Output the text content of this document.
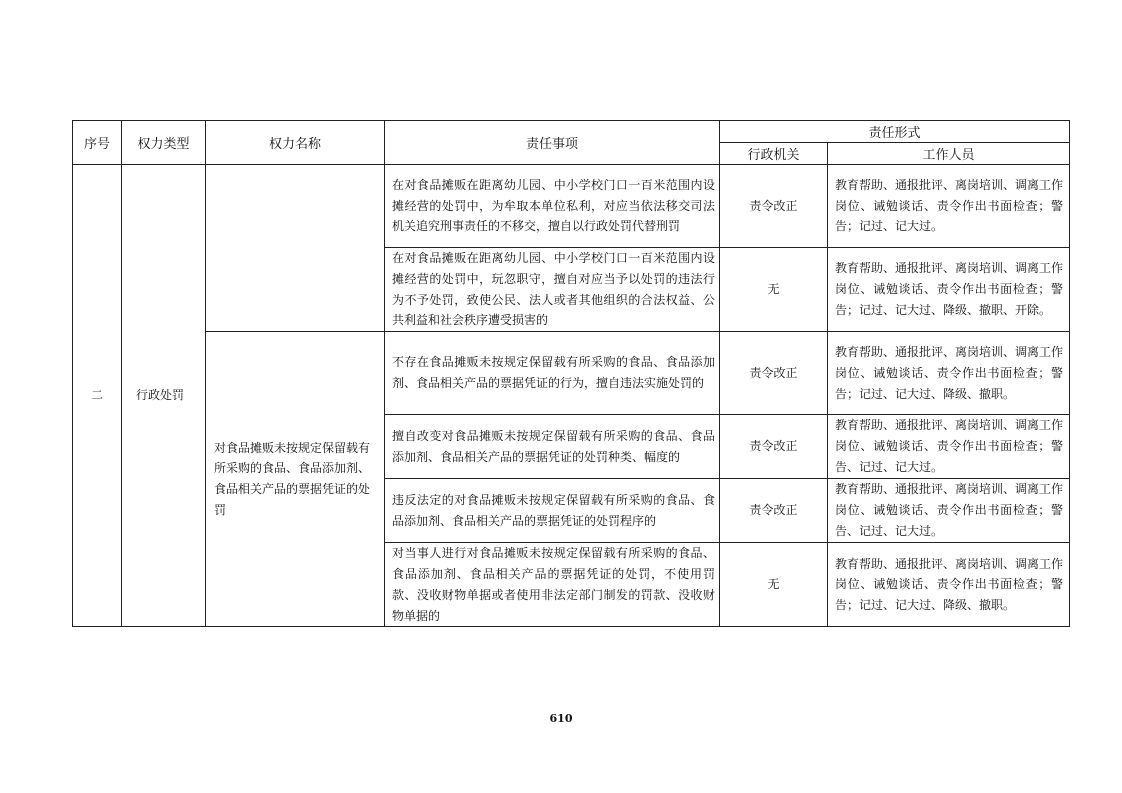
序号	权力类型	权力名称	责任事项	责任形式	
				行政机关	工作人员
二	行政处罚		在对食品摊贩在距离幼儿园、中小学校门口一百米范围内设摊经营的处罚中，为牟取本单位私利，对应当依法移交司法机关追究刑事责任的不移交，擅自以行政处罚代替刑罚	责令改正	教育帮助、通报批评、离岗培训、调离工作岗位、诫勉谈话、责令作出书面检查；警告；记过、记大过。
			在对食品摊贩在距离幼儿园、中小学校门口一百米范围内设摊经营的处罚中，玩忽职守，擅自对应当予以处罚的违法行为不予处罚，致使公民、法人或者其他组织的合法权益、公共利益和社会秩序遭受损害的	无	教育帮助、通报批评、离岗培训、调离工作岗位、诫勉谈话、责令作出书面检查；警告；记过、记大过、降级、撤职、开除。
		对食品摊贩未按规定保留载有所采购的食品、食品添加剂、食品相关产品的票据凭证的处罚	不存在食品摊贩未按规定保留载有所采购的食品、食品添加剂、食品相关产品的票据凭证的行为，擅自违法实施处罚的	责令改正	教育帮助、通报批评、离岗培训、调离工作岗位、诫勉谈话、责令作出书面检查；警告；记过、记大过、降级、撤职。
			擅自改变对食品摊贩未按规定保留载有所采购的食品、食品添加剂、食品相关产品的票据凭证的处罚种类、幅度的	责令改正	教育帮助、通报批评、离岗培训、调离工作岗位、诫勉谈话、责令作出书面检查；警告、记过、记大过。
			违反法定的对食品摊贩未按规定保留载有所采购的食品、食品添加剂、食品相关产品的票据凭证的处罚程序的	责令改正	教育帮助、通报批评、离岗培训、调离工作岗位、诫勉谈话、责令作出书面检查；警告、记过、记大过。
			对当事人进行对食品摊贩未按规定保留载有所采购的食品、食品添加剂、食品相关产品的票据凭证的处罚，不使用罚款、没收财物单据或者使用非法定部门制发的罚款、没收财物单据的	无	教育帮助、通报批评、离岗培训、调离工作岗位、诫勉谈话、责令作出书面检查；警告；记过、记大过、降级、撤职。
610
